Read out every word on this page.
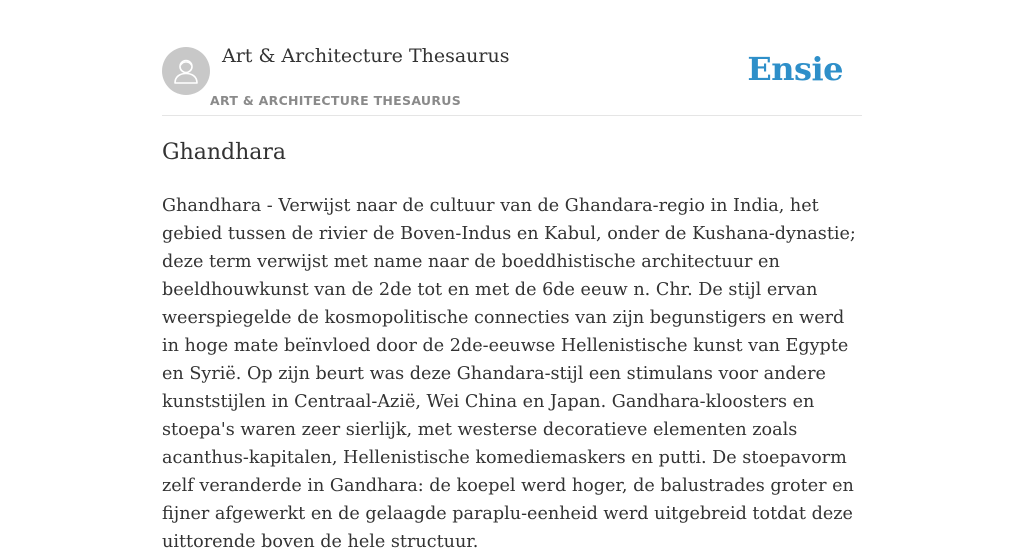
Art & Architecture Thesaurus
ART & ARCHITECTURE THESAURUS
Ensie
Ghandhara

Ghandhara - Verwijst naar de cultuur van de Ghandara-regio in India, het gebied tussen de rivier de Boven-Indus en Kabul, onder de Kushana-dynastie; deze term verwijst met name naar de boeddhistische architectuur en beeldhouwkunst van de 2de tot en met de 6de eeuw n. Chr. De stijl ervan weerspiegelde de kosmopolitische connecties van zijn begunstigers en werd in hoge mate beïnvloed door de 2de-eeuwse Hellenistische kunst van Egypte en Syrië. Op zijn beurt was deze Ghandara-stijl een stimulans voor andere kunststijlen in Centraal-Azië, Wei China en Japan. Gandhara-kloosters en stoepa's waren zeer sierlijk, met westerse decoratieve elementen zoals acanthus-kapitalen, Hellenistische komediemaskers en putti. De stoepavorm zelf veranderde in Gandhara: de koepel werd hoger, de balustrades groter en fijner afgewerkt en de gelaagde paraplu-eenheid werd uitgebreid totdat deze uittorende boven de hele structuur.
